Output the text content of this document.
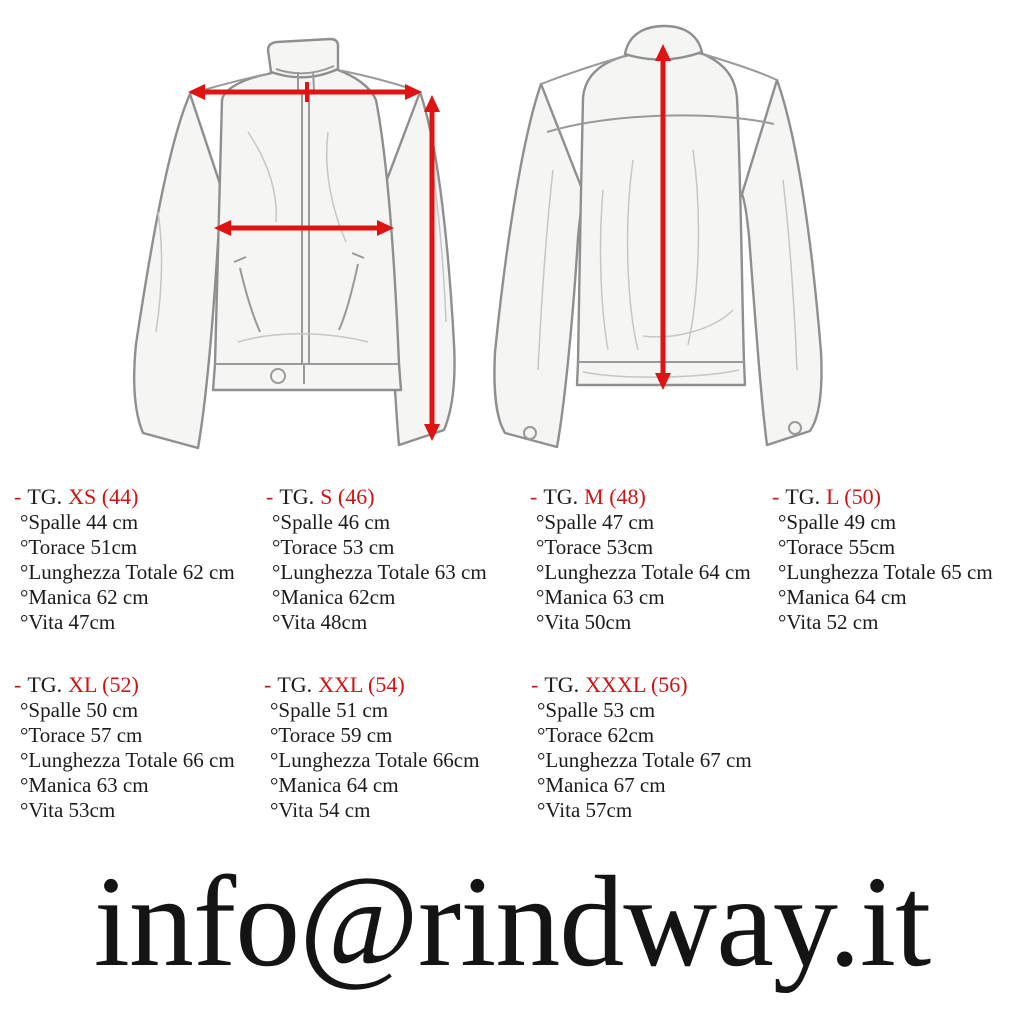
- TG. XS (44)
°Spalle 44 cm
°Torace 51cm
°Lunghezza Totale 62 cm
°Manica 62 cm
°Vita 47cm
- TG. S (46)
°Spalle 46 cm
°Torace 53 cm
°Lunghezza Totale 63 cm
°Manica 62cm
°Vita 48cm
- TG. M (48)
°Spalle 47 cm
°Torace 53cm
°Lunghezza Totale 64 cm
°Manica 63 cm
°Vita 50cm
- TG. L (50)
°Spalle 49 cm
°Torace 55cm
°Lunghezza Totale 65 cm
°Manica 64 cm
°Vita 52 cm
- TG. XL (52)
°Spalle 50 cm
°Torace 57 cm
°Lunghezza Totale 66 cm
°Manica 63 cm
°Vita 53cm
- TG. XXL (54)
°Spalle 51 cm
°Torace 59 cm
°Lunghezza Totale 66cm
°Manica 64 cm
°Vita 54 cm
- TG. XXXL (56)
°Spalle 53 cm
°Torace 62cm
°Lunghezza Totale 67 cm
°Manica 67 cm
°Vita 57cm
info@rindway.it
